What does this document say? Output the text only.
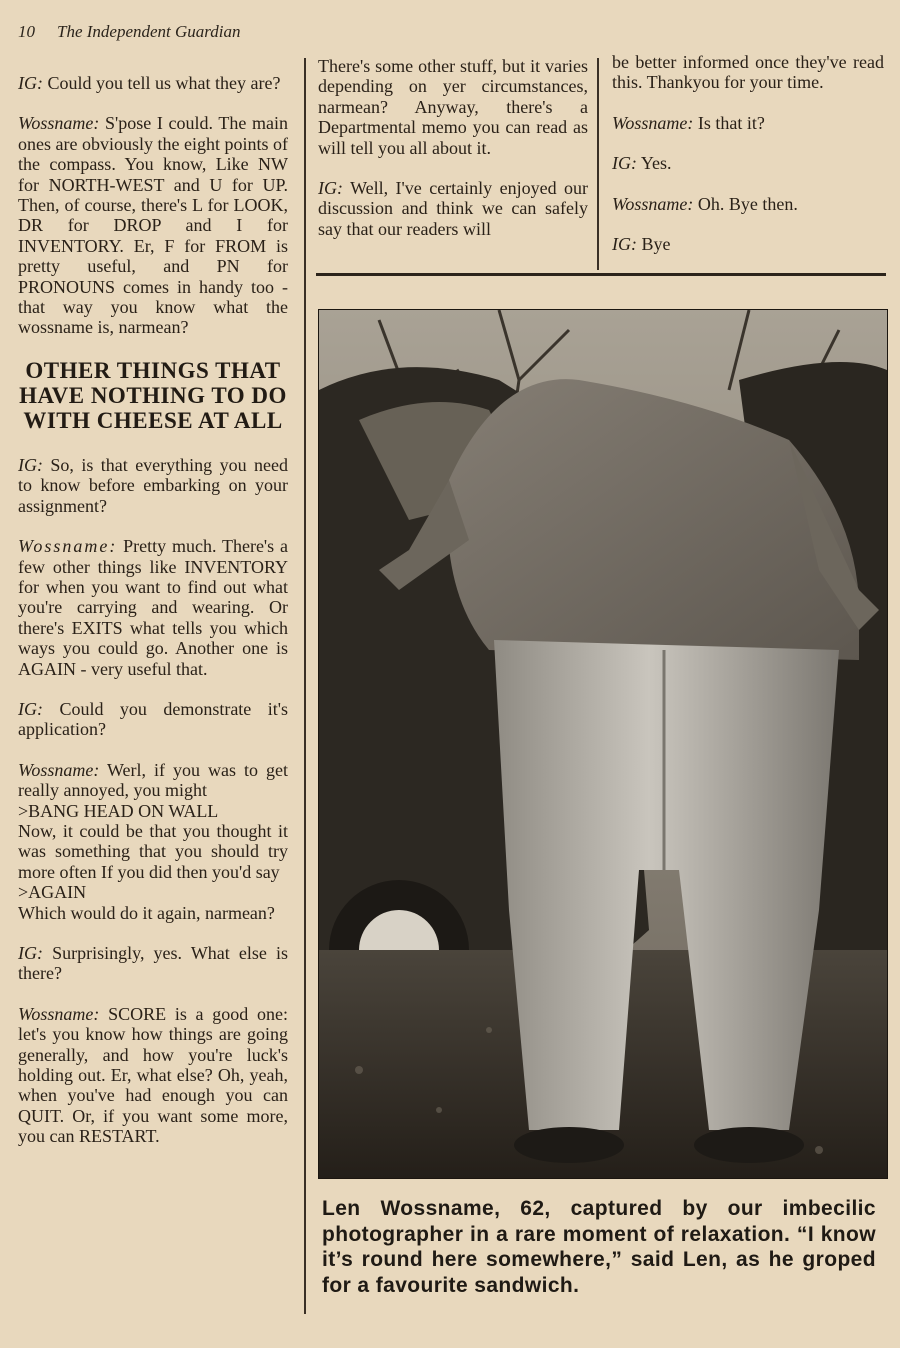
10 The Independent Guardian

IG: Could you tell us what they are?

Wossname: S'pose I could. The main ones are obviously the eight points of the compass. You know, Like NW for NORTH-WEST and U for UP. Then, of course, there's L for LOOK, DR for DROP and I for INVENTORY. Er, F for FROM is pretty useful, and PN for PRONOUNS comes in handy too - that way you know what the wossname is, narmean?

OTHER THINGS THAT HAVE NOTHING TO DO WITH CHEESE AT ALL

IG: So, is that everything you need to know before embarking on your assignment?

Wossname: Pretty much. There's a few other things like INVENTORY for when you want to find out what you're carrying and wearing. Or there's EXITS what tells you which ways you could go. Another one is AGAIN - very useful that.

IG: Could you demonstrate it's application?

Wossname: Werl, if you was to get really annoyed, you might
>BANG HEAD ON WALL
Now, it could be that you thought it was something that you should try more often If you did then you'd say
>AGAIN
Which would do it again, narmean?

IG: Surprisingly, yes. What else is there?

Wossname: SCORE is a good one: let's you know how things are going generally, and how you're luck's holding out. Er, what else? Oh, yeah, when you've had enough you can QUIT. Or, if you want some more, you can RESTART.

There's some other stuff, but it varies depending on yer circumstances, narmean? Anyway, there's a Departmental memo you can read as will tell you all about it.

IG: Well, I've certainly enjoyed our discussion and think we can safely say that our readers will

be better informed once they've read this. Thankyou for your time.

Wossname: Is that it?

IG: Yes.

Wossname: Oh. Bye then.

IG: Bye

Len Wossname, 62, captured by our imbecilic photographer in a rare moment of relaxation. “I know it’s round here somewhere,” said Len, as he groped for a favourite sandwich.
